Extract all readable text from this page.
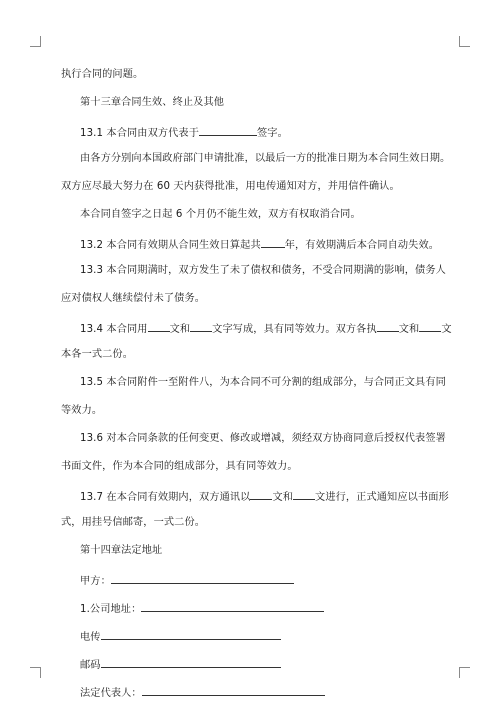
执行合同的问题。
第十三章合同生效、终止及其他
13.1 本合同由双方代表于	签字。
由各方分别向本国政府部门申请批准，以最后一方的批准日期为本合同生效日期。
双方应尽最大努力在 60 天内获得批准，用电传通知对方，并用信件确认。
本合同自签字之日起 6 个月仍不能生效，双方有权取消合同。
13.2 本合同有效期从合同生效日算起共 年，有效期满后本合同自动失效。
13.3 本合同期满时，双方发生了未了债权和债务，不受合同期满的影响，债务人
应对债权人继续偿付未了债务。
13.4 本合同用 文和 文字写成，具有同等效力。双方各执 文和 文
本各一式二份。
13.5 本合同附件一至附件八，为本合同不可分割的组成部分，与合同正文具有同
等效力。
13.6 对本合同条款的任何变更、修改或增减，须经双方协商同意后授权代表签署
书面文件，作为本合同的组成部分，具有同等效力。
13.7 在本合同有效期内，双方通讯以 文和 文进行，正式通知应以书面形
式，用挂号信邮寄，一式二份。
第十四章法定地址
甲方：
1.公司地址：
电传
邮码
法定代表人：
